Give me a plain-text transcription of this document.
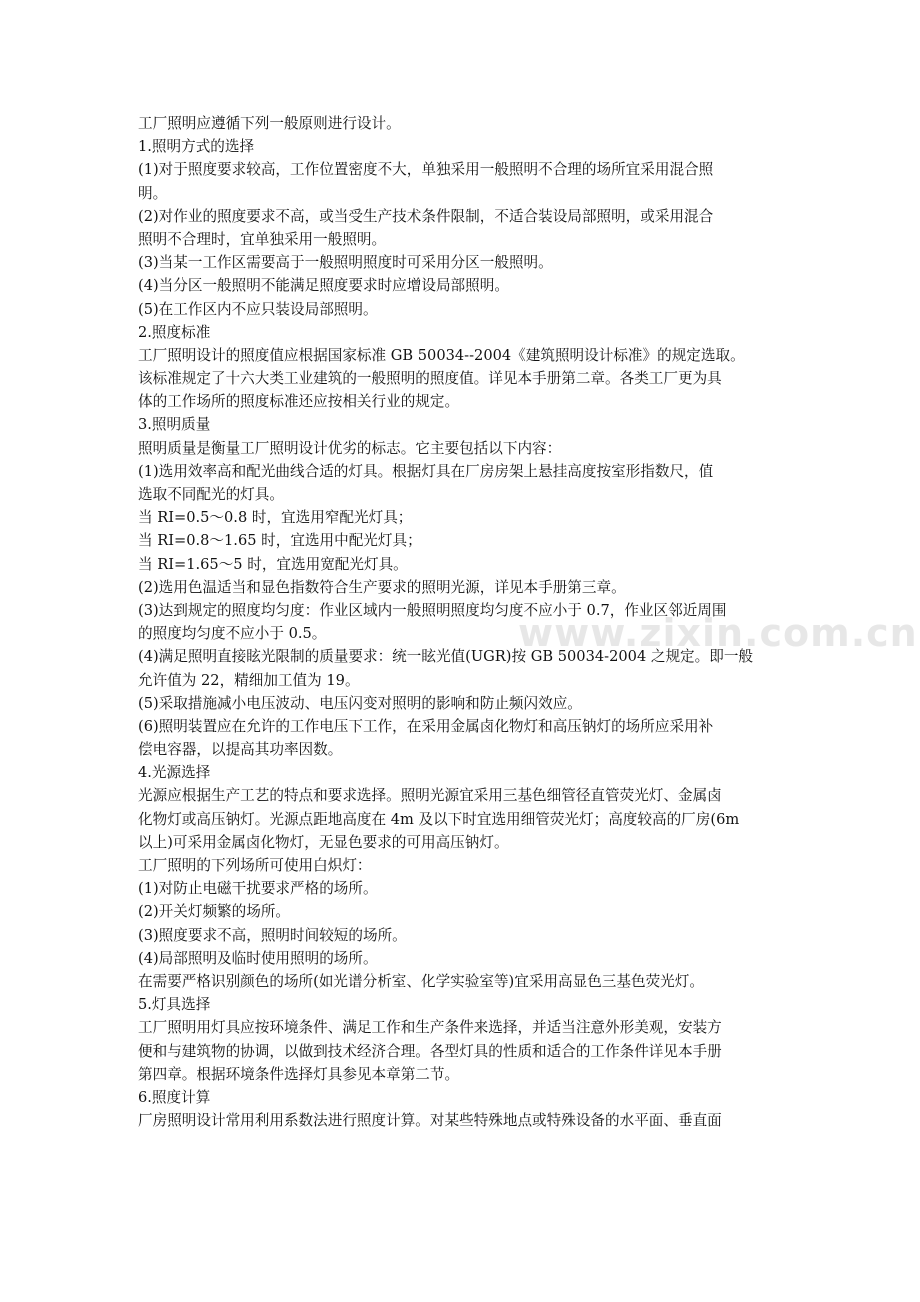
工厂照明应遵循下列一般原则进行设计。
1.照明方式的选择
(1)对于照度要求较高，工作位置密度不大，单独采用一般照明不合理的场所宜采用混合照
明。
(2)对作业的照度要求不高，或当受生产技术条件限制，不适合装设局部照明，或采用混合
照明不合理时，宜单独采用一般照明。
(3)当某一工作区需要高于一般照明照度时可采用分区一般照明。
(4)当分区一般照明不能满足照度要求时应增设局部照明。
(5)在工作区内不应只装设局部照明。
2.照度标准
工厂照明设计的照度值应根据国家标准 GB 50034--2004《建筑照明设计标准》的规定选取。
该标准规定了十六大类工业建筑的一般照明的照度值。详见本手册第二章。各类工厂更为具
体的工作场所的照度标准还应按相关行业的规定。
3.照明质量
照明质量是衡量工厂照明设计优劣的标志。它主要包括以下内容：
(1)选用效率高和配光曲线合适的灯具。根据灯具在厂房房架上悬挂高度按室形指数尺，值
选取不同配光的灯具。
当 RI=0.5～0.8 时，宜选用窄配光灯具；
当 RI=0.8～1.65 时，宜选用中配光灯具；
当 RI=1.65～5 时，宜选用宽配光灯具。
(2)选用色温适当和显色指数符合生产要求的照明光源，详见本手册第三章。
(3)达到规定的照度均匀度：作业区域内一般照明照度均匀度不应小于 0.7，作业区邻近周围
的照度均匀度不应小于 0.5。
(4)满足照明直接眩光限制的质量要求：统一眩光值(UGR)按 GB 50034-2004 之规定。即一般
允许值为 22，精细加工值为 19。
(5)采取措施减小电压波动、电压闪变对照明的影响和防止频闪效应。
(6)照明装置应在允许的工作电压下工作，在采用金属卤化物灯和高压钠灯的场所应采用补
偿电容器，以提高其功率因数。
4.光源选择
光源应根据生产工艺的特点和要求选择。照明光源宜采用三基色细管径直管荧光灯、金属卤
化物灯或高压钠灯。光源点距地高度在 4m 及以下时宜选用细管荧光灯；高度较高的厂房(6m
以上)可采用金属卤化物灯，无显色要求的可用高压钠灯。
工厂照明的下列场所可使用白炽灯：
(1)对防止电磁干扰要求严格的场所。
(2)开关灯频繁的场所。
(3)照度要求不高，照明时间较短的场所。
(4)局部照明及临时使用照明的场所。
在需要严格识别颜色的场所(如光谱分析室、化学实验室等)宜采用高显色三基色荧光灯。
5.灯具选择
工厂照明用灯具应按环境条件、满足工作和生产条件来选择，并适当注意外形美观，安装方
便和与建筑物的协调，以做到技术经济合理。各型灯具的性质和适合的工作条件详见本手册
第四章。根据环境条件选择灯具参见本章第二节。
6.照度计算
厂房照明设计常用利用系数法进行照度计算。对某些特殊地点或特殊设备的水平面、垂直面
www.zixin.com.cn
